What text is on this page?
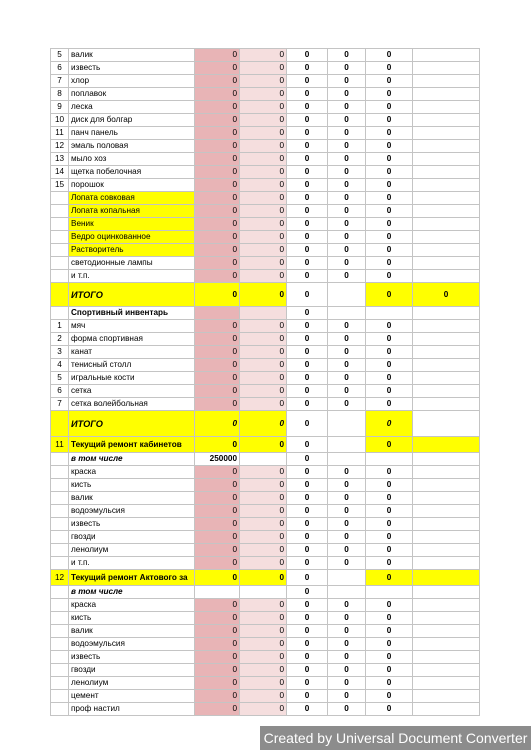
5	валик	0	0	0	0	0	
6	известь	0	0	0	0	0	
7	хлор	0	0	0	0	0	
8	поплавок	0	0	0	0	0	
9	леска	0	0	0	0	0	
10	диск для болгар	0	0	0	0	0	
11	панч панель	0	0	0	0	0	
12	эмаль половая	0	0	0	0	0	
13	мыло хоз	0	0	0	0	0	
14	щетка побелочная	0	0	0	0	0	
15	порошок	0	0	0	0	0	
	Лопата совковая	0	0	0	0	0	
	Лопата копальная	0	0	0	0	0	
	Веник	0	0	0	0	0	
	Ведро оцинкованное	0	0	0	0	0	
	Растворитель	0	0	0	0	0	
	светодионные лампы	0	0	0	0	0	
	и т.п.	0	0	0	0	0	
	ИТОГО	0	0	0		0	0
	Спортивный инвентарь			0			
1	мяч	0	0	0	0	0	
2	форма спортивная	0	0	0	0	0	
3	канат	0	0	0	0	0	
4	тенисный столл	0	0	0	0	0	
5	игральные кости	0	0	0	0	0	
6	сетка	0	0	0	0	0	
7	сетка волейбольная	0	0	0	0	0	
	ИТОГО	0	0	0		0	
11	Текущий ремонт кабинетов	0	0	0		0	
	в том числе	250000		0			
	краска	0	0	0	0	0	
	кисть	0	0	0	0	0	
	валик	0	0	0	0	0	
	водоэмульсия	0	0	0	0	0	
	известь	0	0	0	0	0	
	гвозди	0	0	0	0	0	
	ленолиум	0	0	0	0	0	
	и т.п.	0	0	0	0	0	
12	Текущий ремонт Актового за	0	0	0		0	
	в том числе			0			
	краска	0	0	0	0	0	
	кисть	0	0	0	0	0	
	валик	0	0	0	0	0	
	водоэмульсия	0	0	0	0	0	
	известь	0	0	0	0	0	
	гвозди	0	0	0	0	0	
	ленолиум	0	0	0	0	0	
	цемент	0	0	0	0	0	
	проф настил	0	0	0	0	0	
Created by Universal Document Converter
